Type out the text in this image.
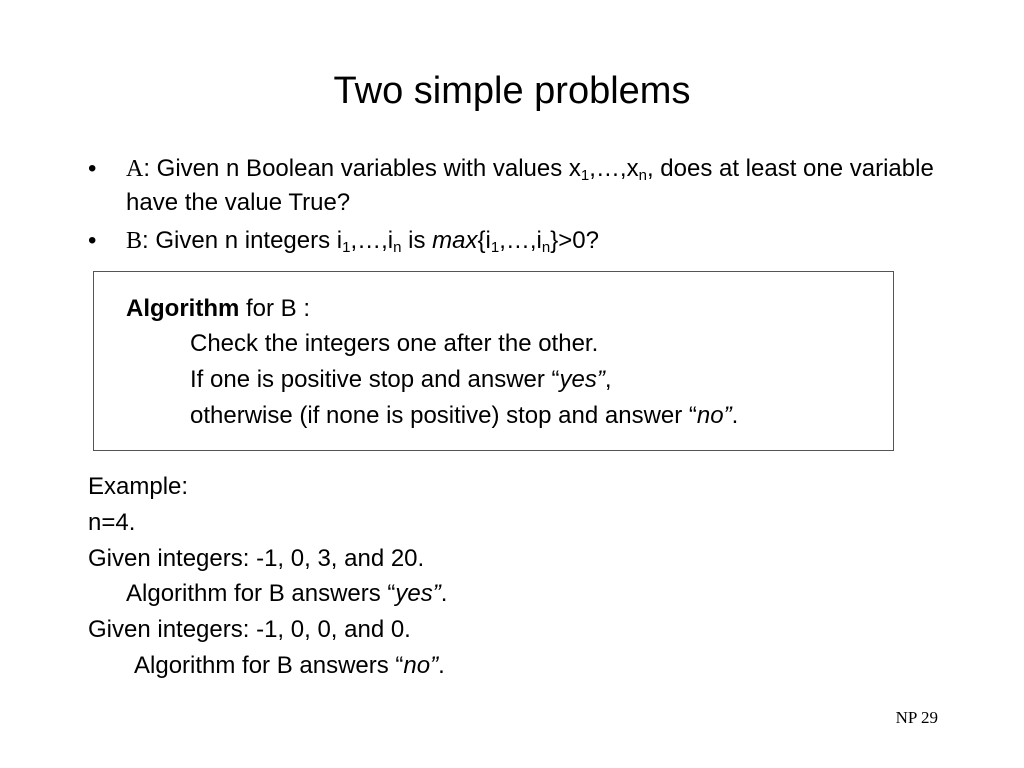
Two simple problems
•	A: Given n Boolean variables with values $x_1,\dots,x_n$, does at least one variable have the value True?
•	B: Given n integers $i_1,\dots,i_n$ is $\max\{i_1,\dots,i_n\}>0$?
Algorithm for B :
Check the integers one after the other.
If one is positive stop and answer “yes”,
otherwise (if none is positive) stop and answer “no”.
Example:
n=4.
Given integers: -1, 0, 3, and 20.
Algorithm for B answers “yes”.
Given integers: -1, 0, 0, and 0.
Algorithm for B answers “no”.
NP 29
